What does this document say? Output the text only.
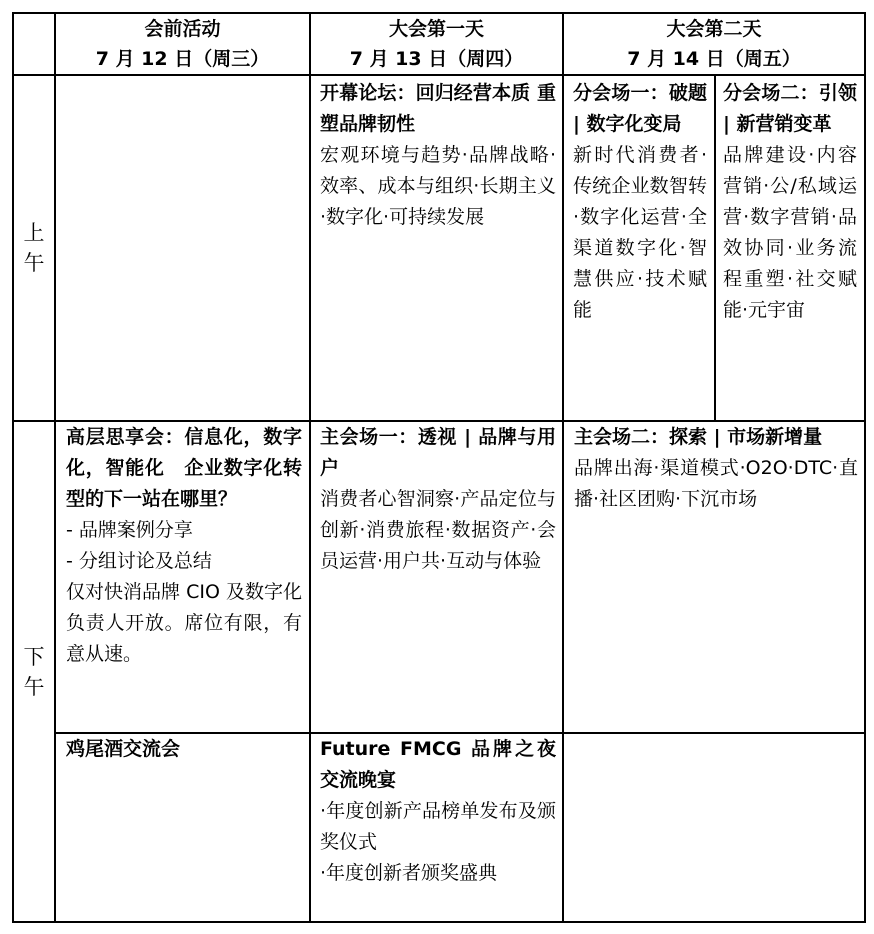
会前活动
7 月 12 日（周三）
大会第一天
7 月 13 日（周四）
大会第二天
7 月 14 日（周五）
上午
下午
开幕论坛：回归经营本质 重塑品牌韧性
宏观环境与趋势·品牌战略·效率、成本与组织·长期主义·数字化·可持续发展
分会场一：破题 | 数字化变局
新时代消费者·传统企业数智转·数字化运营·全渠道数字化·智慧供应·技术赋能
分会场二：引领 | 新营销变革
品牌建设·内容营销·公/私域运营·数字营销·品效协同·业务流程重塑·社交赋能·元宇宙
高层思享会：信息化，数字化，智能化　企业数字化转型的下一站在哪里？
- 品牌案例分享
- 分组讨论及总结
仅对快消品牌 CIO 及数字化负责人开放。席位有限，有意从速。
主会场一：透视 | 品牌与用户
消费者心智洞察·产品定位与创新·消费旅程·数据资产·会员运营·用户共·互动与体验
主会场二：探索 | 市场新增量
品牌出海·渠道模式·O2O·DTC·直播·社区团购·下沉市场
鸡尾酒交流会	Future FMCG 品牌之夜交流晚宴
·年度创新产品榜单发布及颁奖仪式
·年度创新者颁奖盛典
